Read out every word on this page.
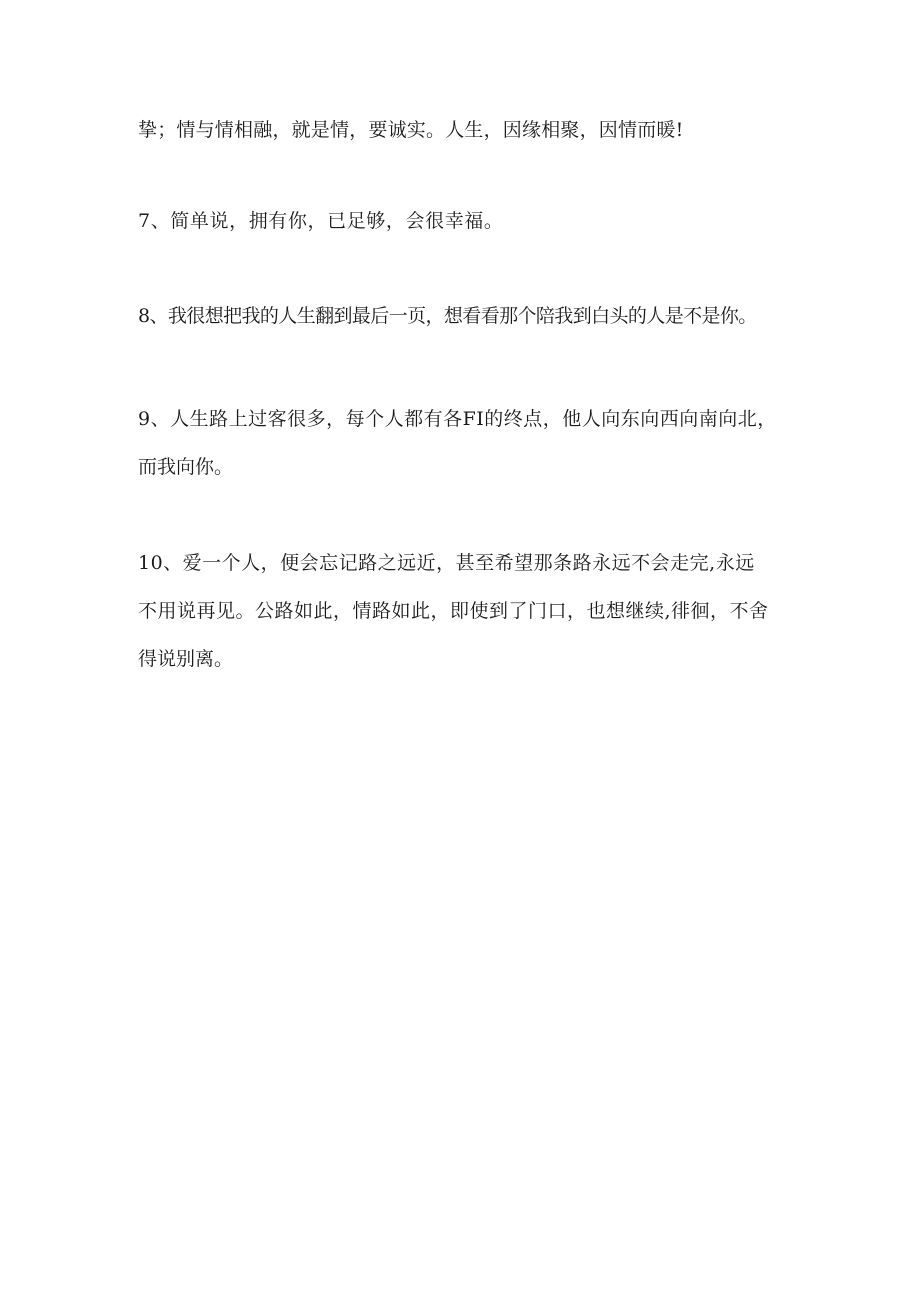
挚；情与情相融，就是情，要诚实。人生，因缘相聚，因情而暖!
7、简单说，拥有你，已足够，会很幸福。
8、我很想把我的人生翻到最后一页，想看看那个陪我到白头的人是不是你。
9、人生路上过客很多，每个人都有各FI的终点，他人向东向西向南向北，
而我向你。
10、爱一个人，便会忘记路之远近，甚至希望那条路永远不会走完,永远
不用说再见。公路如此，情路如此，即使到了门口，也想继续,徘徊，不舍
得说别离。
